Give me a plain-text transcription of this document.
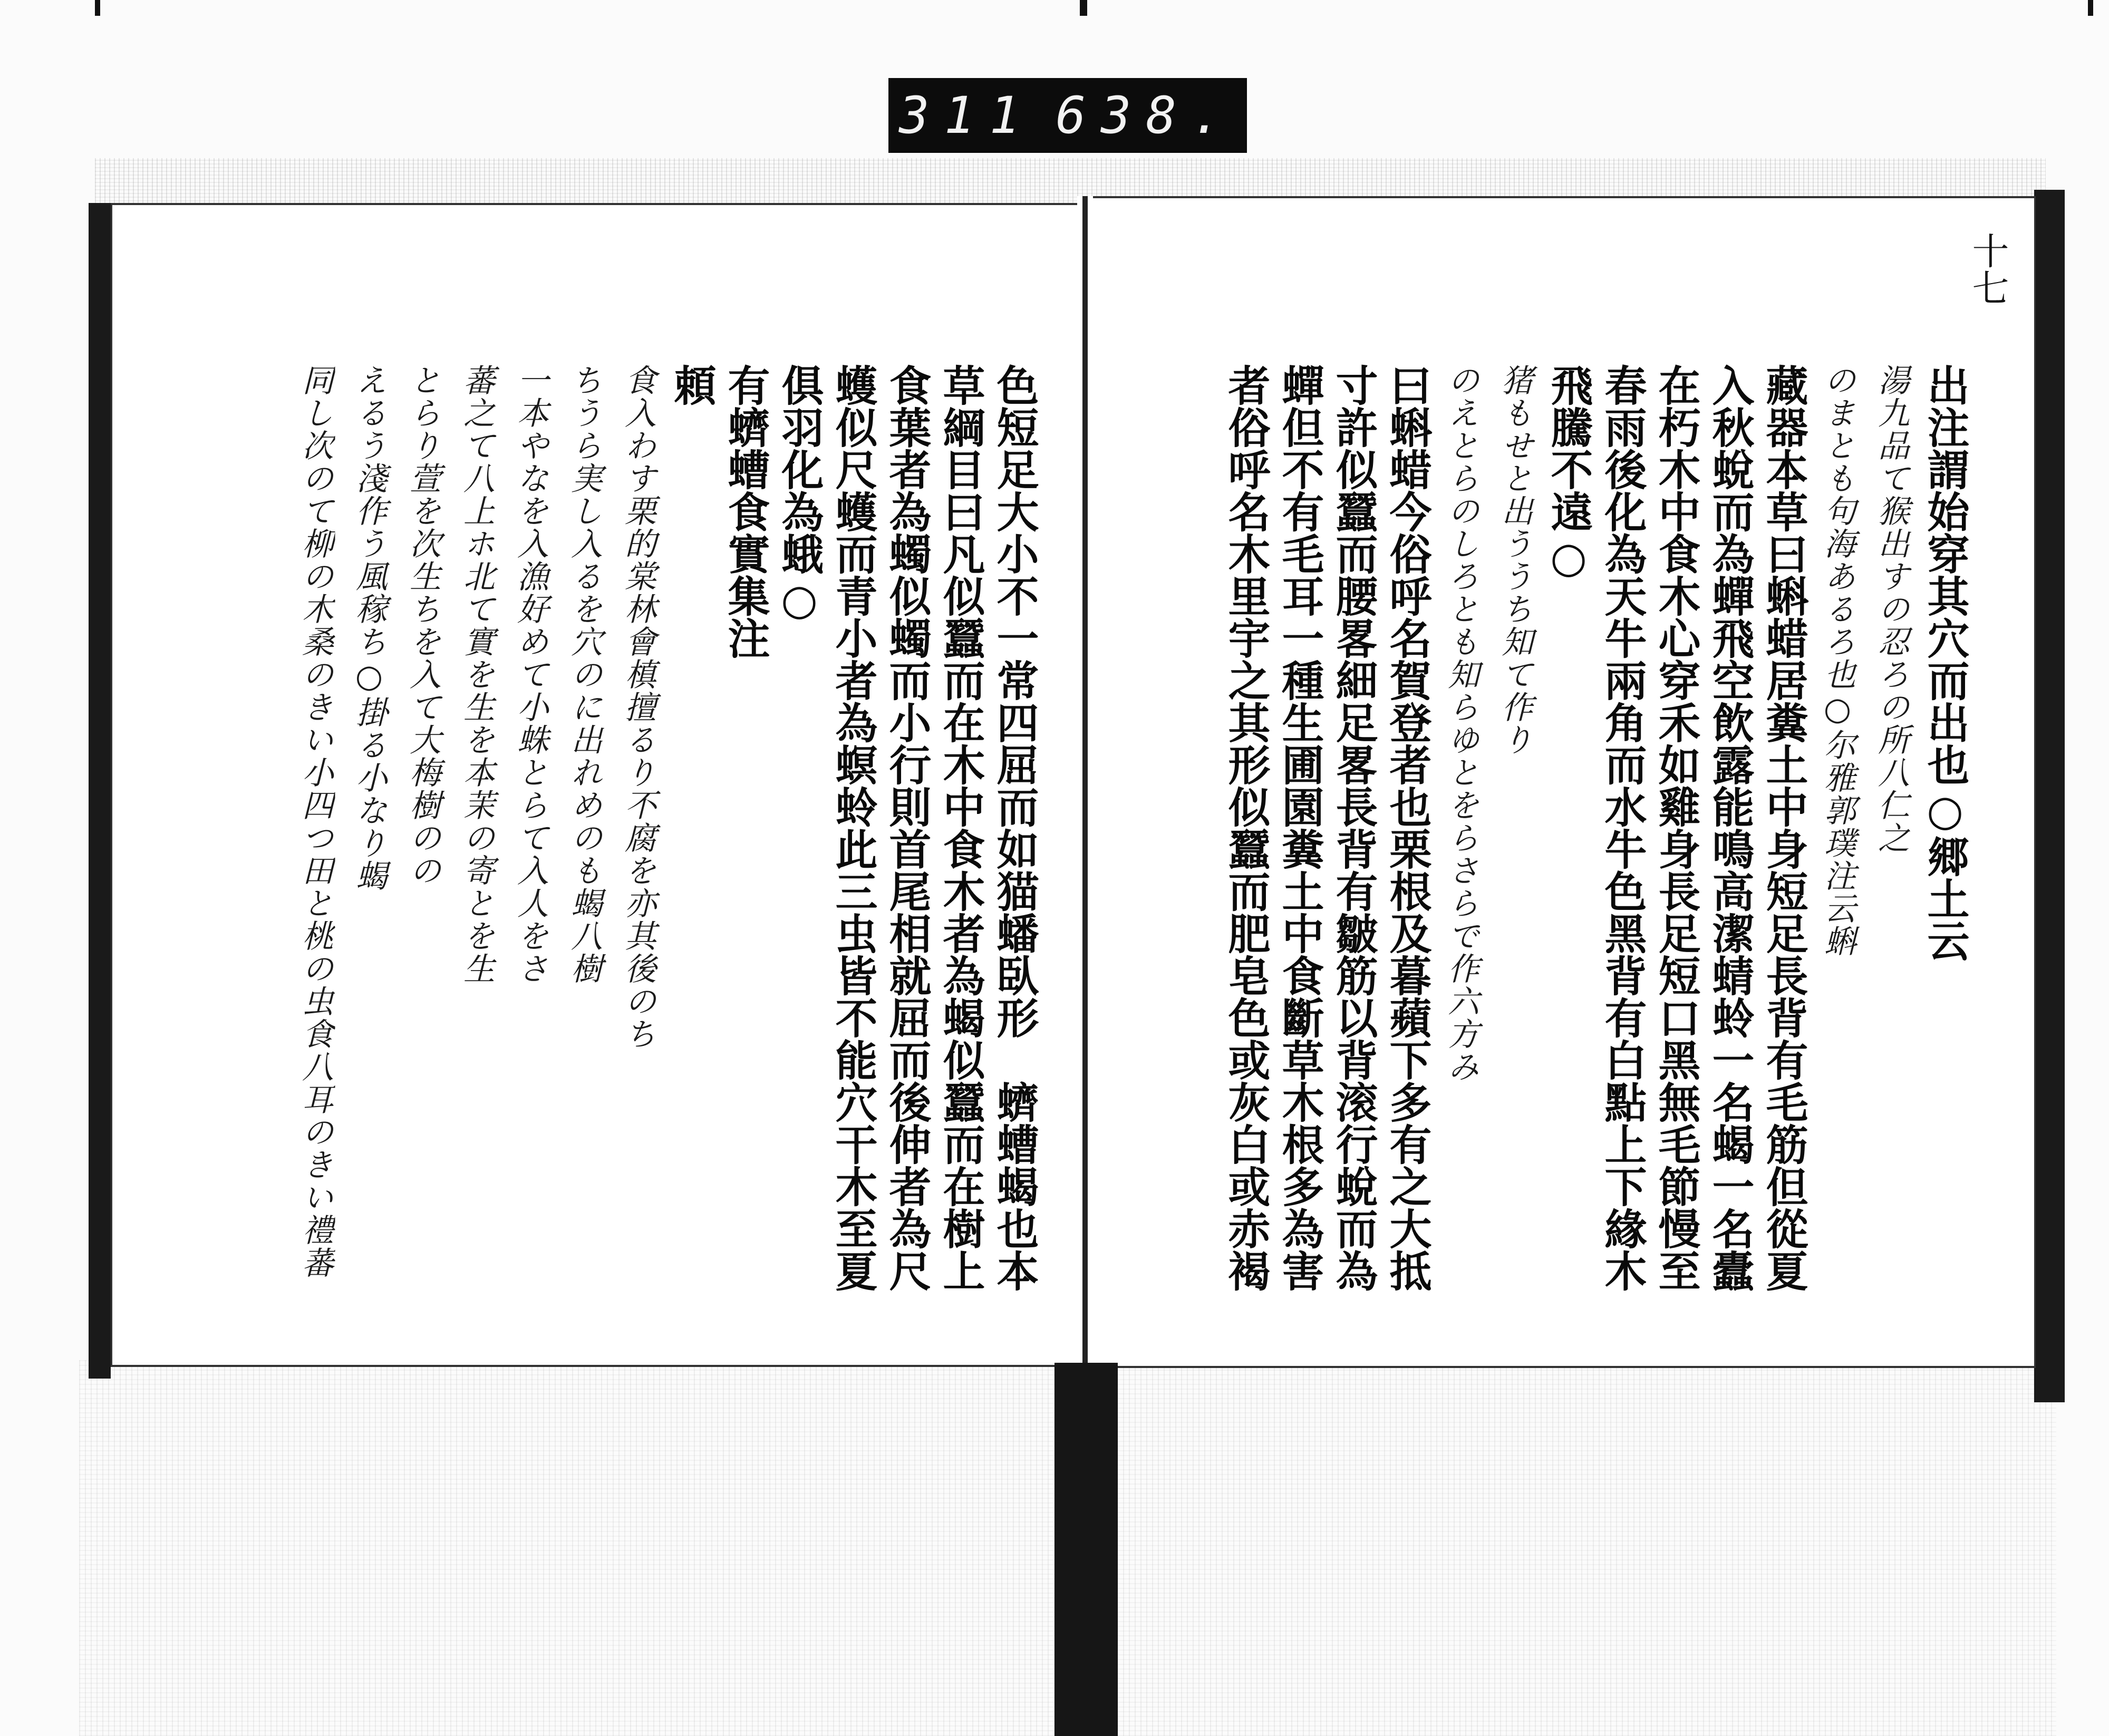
311 638.
十七
出注謂始穿其穴而出也○郷土云
湯九品て猴出すの忍ろの所八仁之
のまとも句海あるろ也○尔雅郭璞注云蝌
藏器本草曰蝌蜡居糞土中身短足長背有毛筋但從夏
入秋蛻而為蟬飛空飲露能鳴高潔蜻蛉一名蝎一名蠹
在朽木中食木心穿禾如雞身長足短口黑無毛節慢至
春雨後化為天牛兩角而水牛色黑背有白點上下緣木
飛騰不遠○
猪もせと出ううち知て作り
のえとらのしろとも知らゆとをらさらで作六方み
曰蝌蜡今俗呼名賀登者也栗根及暮蘋下多有之大抵
寸許似蠶而腰畧細足畧長背有皺筋以背滚行蛻而為
蟬但不有毛耳一種生圃園糞土中食斷草木根多為害
者俗呼名木里宇之其形似蠶而肥皂色或灰白或赤褐
色短足大小不一常四屈而如猫蟠臥形　蠐螬蝎也本
草綱目曰凡似蠶而在木中食木者為蝎似蠶而在樹上
食葉者為蠋似蠋而小行則首尾相就屈而後伸者為尺
蠖似尺蠖而青小者為螟蛉此三虫皆不能穴干木至夏
俱羽化為蛾○
有蠐螬食實集注
頼
食入わす栗的棠林會槙擅るり不腐を亦其後のち
ちうら実し入るを穴のに出れめのも蝎八樹
一本やなを入漁好めて小蛛とらて入人をさ
蕃之て八上ホ北て實を生を本茉の寄とを生
とらり萱を次生ちを入て大梅樹のの
えるう淺作う風稼ち○掛る小なり蝎
同し次のて柳の木桑のきい小四つ田と桃の虫食八耳のきい禮蕃
